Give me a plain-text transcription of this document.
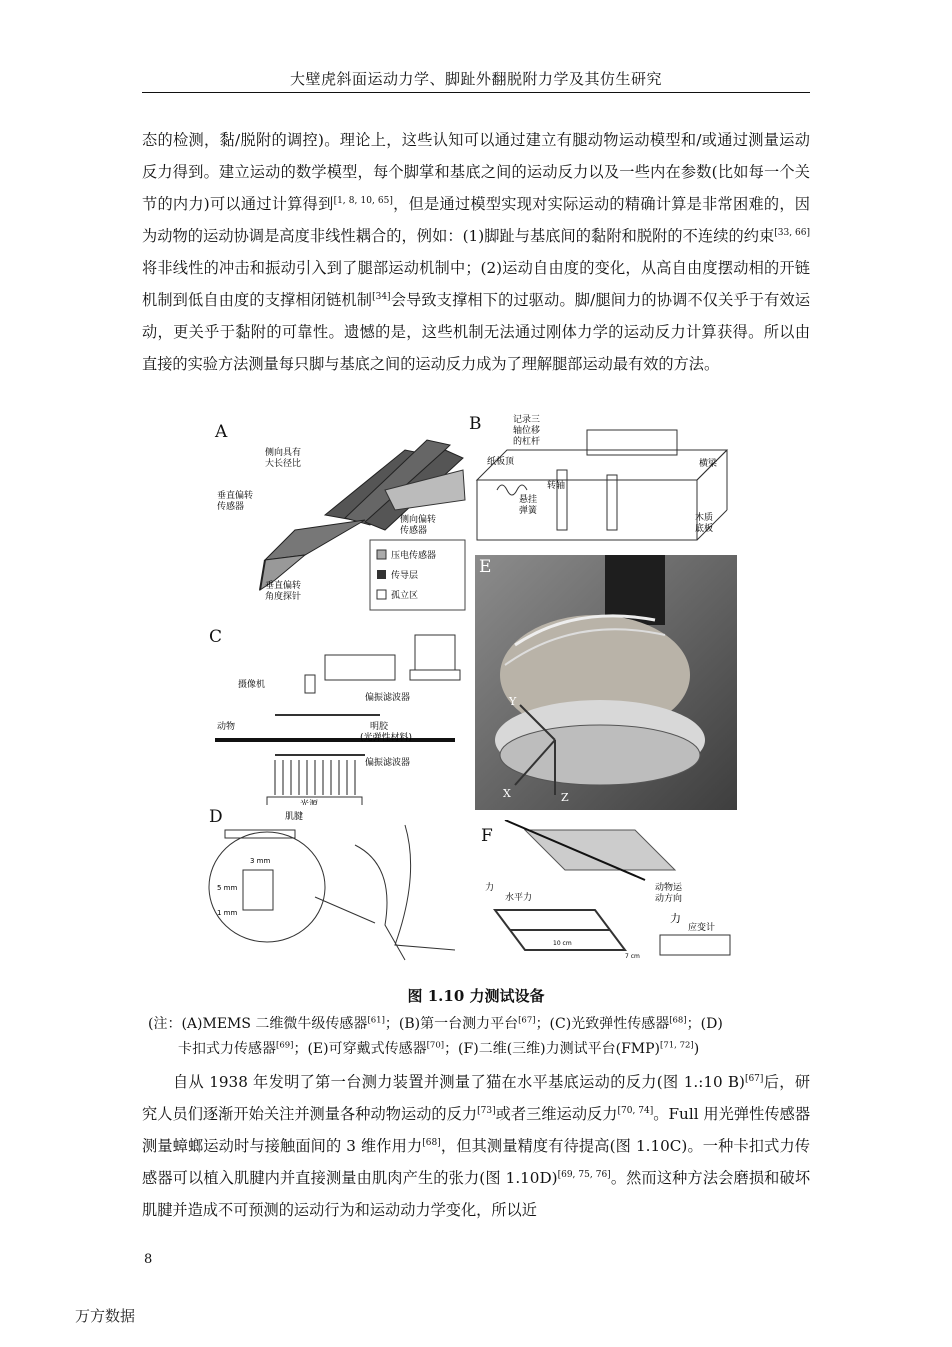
大壁虎斜面运动力学、脚趾外翻脱附力学及其仿生研究
态的检测，黏/脱附的调控)。理论上，这些认知可以通过建立有腿动物运动模型和/或通过测量运动反力得到。建立运动的数学模型，每个脚掌和基底之间的运动反力以及一些内在参数(比如每一个关节的内力)可以通过计算得到[1, 8, 10, 65]，但是通过模型实现对实际运动的精确计算是非常困难的，因为动物的运动协调是高度非线性耦合的，例如：(1)脚趾与基底间的黏附和脱附的不连续的约束[33, 66]将非线性的冲击和振动引入到了腿部运动机制中；(2)运动自由度的变化，从高自由度摆动相的开链机制到低自由度的支撑相闭链机制[34]会导致支撑相下的过驱动。脚/腿间力的协调不仅关乎于有效运动，更关乎于黏附的可靠性。遗憾的是，这些机制无法通过刚体力学的运动反力计算获得。所以由直接的实验方法测量每只脚与基底之间的运动反力成为了理解腿部运动最有效的方法。
A
压电传感器
传导层
孤立区
侧向具有
大长径比
垂直偏转
传感器
侧向偏转
传感器
垂直偏转
角度探针
B	记录三
轴位移
的杠杆
纸板顶	横梁
转轴
悬挂
弹簧
木质
底板
E
Y
X	Z
C
摄像机
偏振滤波器
动物	明胶
(光弹性材料)
偏振滤波器
D	肌腱
3 mm
5 mm
1 mm
F
力
水平力
动物运
动方向
力
应变计
10 cm
7 cm
图 1.10 力测试设备
(注：(A)MEMS 二维微牛级传感器[61]；(B)第一台测力平台[67]；(C)光致弹性传感器[68]；(D)
卡扣式力传感器[69]；(E)可穿戴式传感器[70]；(F)二维(三维)力测试平台(FMP)[71, 72])
自从 1938 年发明了第一台测力装置并测量了猫在水平基底运动的反力(图 1.:10 B)[67]后，研究人员们逐渐开始关注并测量各种动物运动的反力[73]或者三维运动反力[70, 74]。Full 用光弹性传感器测量蟑螂运动时与接触面间的 3 维作用力[68]，但其测量精度有待提高(图 1.10C)。一种卡扣式力传感器可以植入肌腱内并直接测量由肌肉产生的张力(图 1.10D)[69, 75, 76]。然而这种方法会磨损和破坏肌腱并造成不可预测的运动行为和运动动力学变化，所以近
8
万方数据
